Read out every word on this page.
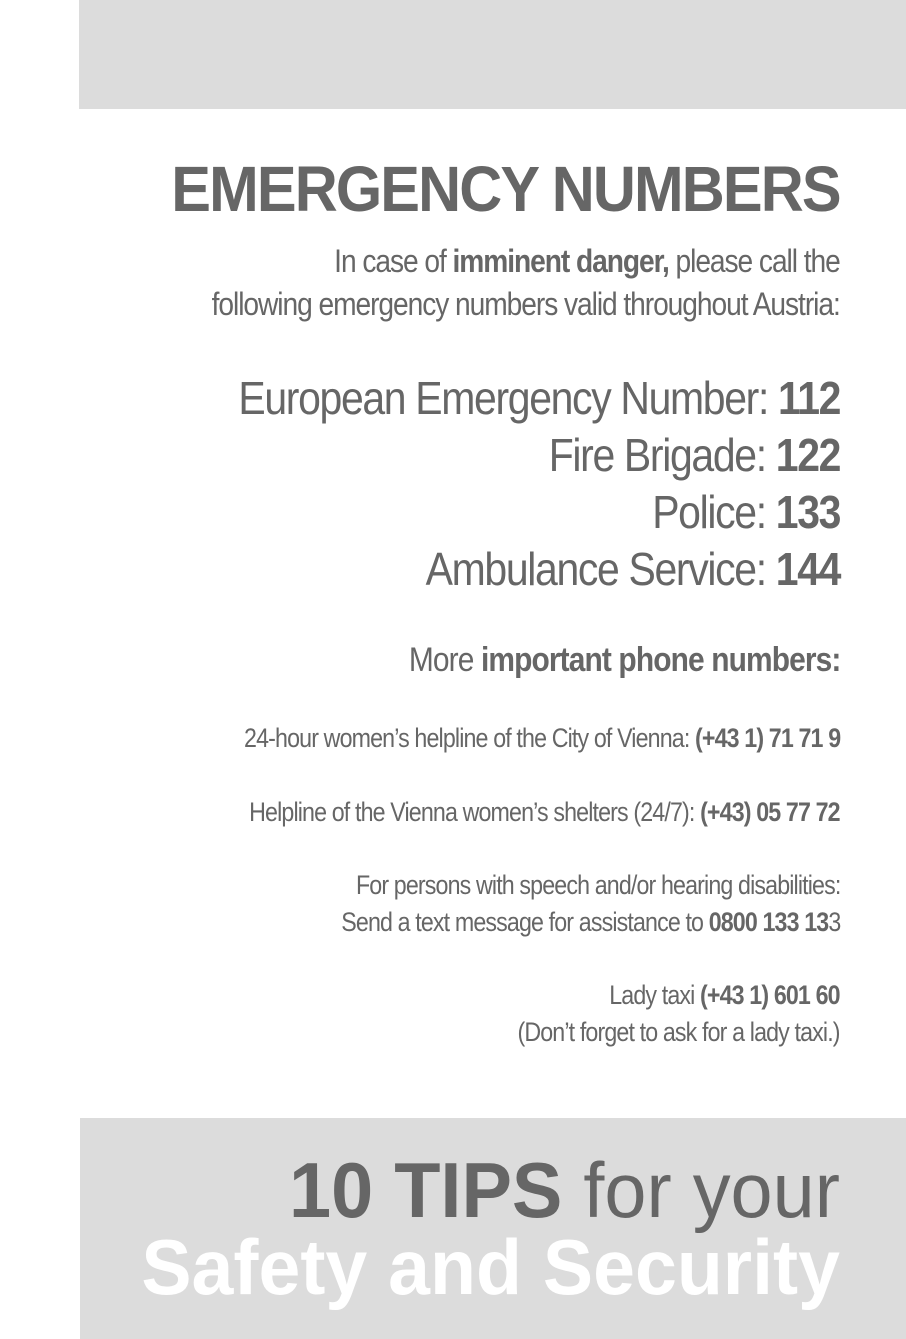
EMERGENCY NUMBERS
In case of imminent danger, please call the
following emergency numbers valid throughout Austria:
European Emergency Number: 112
Fire Brigade: 122
Police: 133
Ambulance Service: 144
More important phone numbers:
24-hour women’s helpline of the City of Vienna: (+43 1) 71 71 9
Helpline of the Vienna women’s shelters (24/7): (+43) 05 77 72
For persons with speech and/or hearing disabilities:
Send a text message for assistance to 0800 133 133
Lady taxi (+43 1) 601 60
(Don’t forget to ask for a lady taxi.)
10 TIPS for your
Safety and Security
